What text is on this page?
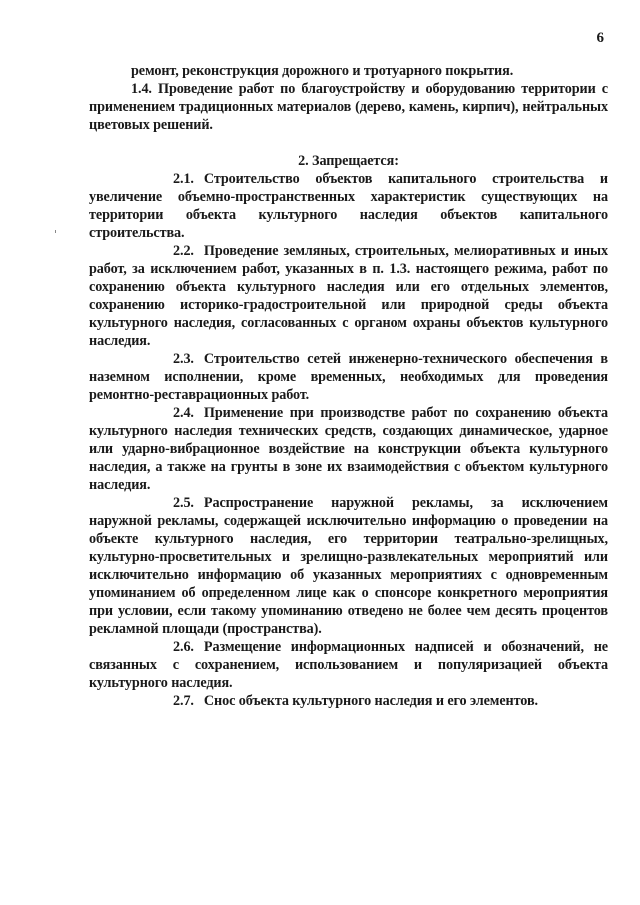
6

ремонт, реконструкция дорожного и тротуарного покрытия.

1.4. Проведение работ по благоустройству и оборудованию территории с применением традиционных материалов (дерево, камень, кирпич), нейтральных цветовых решений.

2. Запрещается:

2.1. Строительство объектов капитального строительства и увеличение объемно-пространственных характеристик существующих на территории объекта культурного наследия объектов капитального строительства.

2.2. Проведение земляных, строительных, мелиоративных и иных работ, за исключением работ, указанных в п. 1.3. настоящего режима, работ по сохранению объекта культурного наследия или его отдельных элементов, сохранению историко-градостроительной или природной среды объекта культурного наследия, согласованных с органом охраны объектов культурного наследия.

2.3. Строительство сетей инженерно-технического обеспечения в наземном исполнении, кроме временных, необходимых для проведения ремонтно-реставрационных работ.

2.4. Применение при производстве работ по сохранению объекта культурного наследия технических средств, создающих динамическое, ударное или ударно-вибрационное воздействие на конструкции объекта культурного наследия, а также на грунты в зоне их взаимодействия с объектом культурного наследия.

2.5. Распространение наружной рекламы, за исключением наружной рекламы, содержащей исключительно информацию о проведении на объекте культурного наследия, его территории театрально-зрелищных, культурно-просветительных и зрелищно-развлекательных мероприятий или исключительно информацию об указанных мероприятиях с одновременным упоминанием об определенном лице как о спонсоре конкретного мероприятия при условии, если такому упоминанию отведено не более чем десять процентов рекламной площади (пространства).

2.6. Размещение информационных надписей и обозначений, не связанных с сохранением, использованием и популяризацией объекта культурного наследия.

2.7. Снос объекта культурного наследия и его элементов.
